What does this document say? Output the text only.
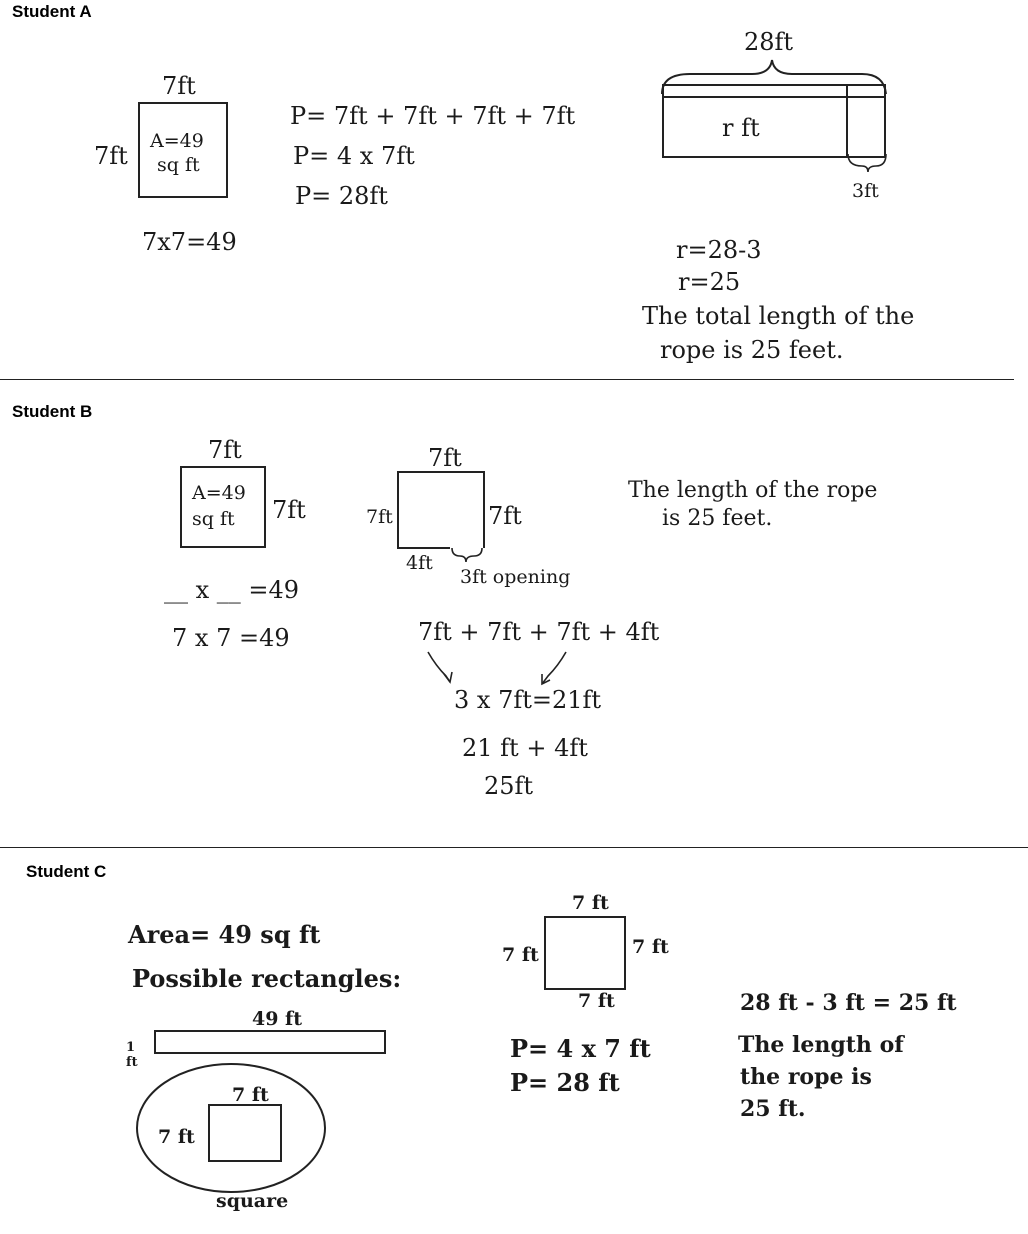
Student A
7ft
7ft
A=49
sq ft
7x7=49
P= 7ft + 7ft + 7ft + 7ft
P= 4 x 7ft
P= 28ft
28ft
r ft
3ft
r=28-3
r=25
The total length of the
rope is 25 feet.
Student B
7ft
A=49
sq ft 7ft
__ x __ =49
7 x 7 =49
7ft
7ft	7ft
4ft
3ft opening
7ft + 7ft + 7ft + 4ft
3 x 7ft=21ft
21 ft + 4ft
25ft
The length of the rope
is 25 feet.
Student C
Area= 49 sq ft
Possible rectangles:
49 ft
1 ft
7 ft
7 ft
square
7 ft
7 ft	7 ft
7 ft
P= 4 x 7 ft
P= 28 ft
28 ft - 3 ft = 25 ft
The length of
the rope is
25 ft.
